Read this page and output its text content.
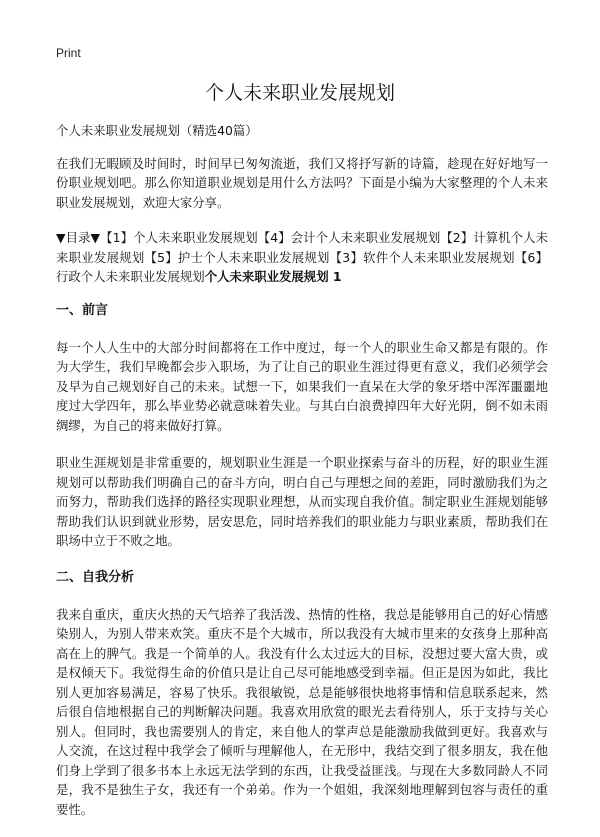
Print
个人未来职业发展规划

个人未来职业发展规划（精选40篇）

在我们无暇顾及时间时，时间早已匆匆流逝，我们又将抒写新的诗篇，趁现在好好地写一份职业规划吧。那么你知道职业规划是用什么方法吗？下面是小编为大家整理的个人未来职业发展规划，欢迎大家分享。

▼目录▼【1】个人未来职业发展规划【4】会计个人未来职业发展规划【2】计算机个人未来职业发展规划【5】护士个人未来职业发展规划【3】软件个人未来职业发展规划【6】行政个人未来职业发展规划个人未来职业发展规划 1

一、前言

每一个人人生中的大部分时间都将在工作中度过，每一个人的职业生命又都是有限的。作为大学生，我们早晚都会步入职场，为了让自己的职业生涯过得更有意义，我们必须学会及早为自己规划好自己的未来。试想一下，如果我们一直呆在大学的象牙塔中浑浑噩噩地度过大学四年，那么毕业势必就意味着失业。与其白白浪费掉四年大好光阴，倒不如未雨绸缪，为自己的将来做好打算。

职业生涯规划是非常重要的，规划职业生涯是一个职业探索与奋斗的历程，好的职业生涯规划可以帮助我们明确自己的奋斗方向，明白自己与理想之间的差距，同时激励我们为之而努力，帮助我们选择的路径实现职业理想，从而实现自我价值。制定职业生涯规划能够帮助我们认识到就业形势，居安思危，同时培养我们的职业能力与职业素质，帮助我们在职场中立于不败之地。

二、自我分析

我来自重庆，重庆火热的天气培养了我活泼、热情的性格，我总是能够用自己的好心情感染别人，为别人带来欢笑。重庆不是个大城市，所以我没有大城市里来的女孩身上那种高高在上的脾气。我是一个简单的人。我没有什么太过远大的目标，没想过要大富大贵，或是权倾天下。我觉得生命的价值只是让自己尽可能地感受到幸福。但正是因为如此，我比别人更加容易满足，容易了快乐。我很敏锐，总是能够很快地将事情和信息联系起来，然后很自信地根据自己的判断解决问题。我喜欢用欣赏的眼光去看待别人，乐于支持与关心别人。但同时，我也需要别人的肯定，来自他人的掌声总是能激励我做到更好。我喜欢与人交流，在这过程中我学会了倾听与理解他人，在无形中，我结交到了很多朋友，我在他们身上学到了很多书本上永远无法学到的东西，让我受益匪浅。与现在大多数同龄人不同是，我不是独生子女，我还有一个弟弟。作为一个姐姐，我深刻地理解到包容与责任的重要性。
